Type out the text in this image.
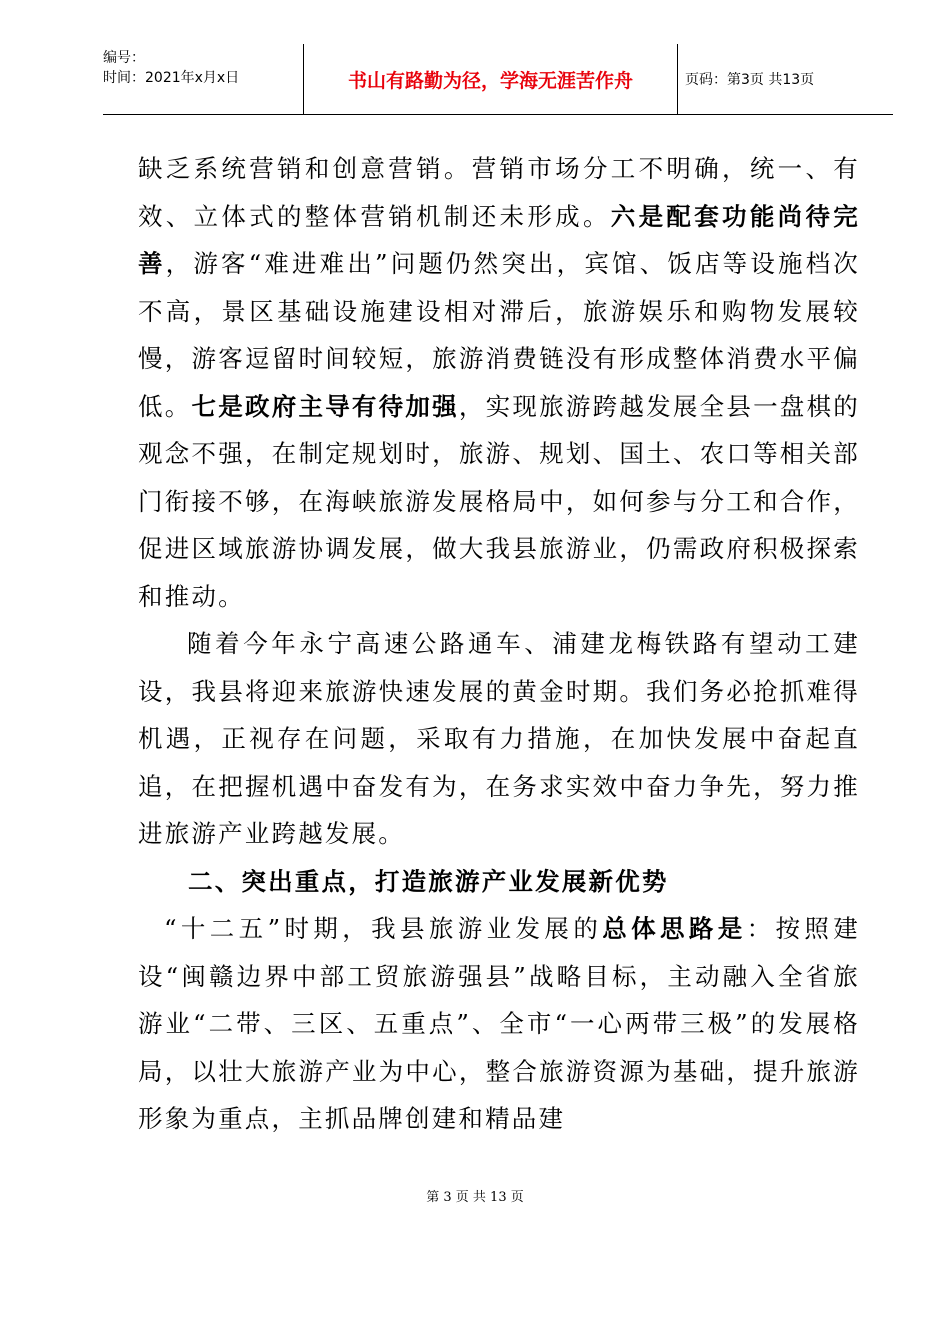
编号：
时间：2021年x月x日	书山有路勤为径，学海无涯苦作舟	页码：第3页 共13页

缺乏系统营销和创意营销。营销市场分工不明确，统一、有效、立体式的整体营销机制还未形成。六是配套功能尚待完善，游客“难进难出”问题仍然突出，宾馆、饭店等设施档次不高，景区基础设施建设相对滞后，旅游娱乐和购物发展较慢，游客逗留时间较短，旅游消费链没有形成整体消费水平偏低。七是政府主导有待加强，实现旅游跨越发展全县一盘棋的观念不强，在制定规划时，旅游、规划、国土、农口等相关部门衔接不够，在海峡旅游发展格局中，如何参与分工和合作，促进区域旅游协调发展，做大我县旅游业，仍需政府积极探索和推动。

随着今年永宁高速公路通车、浦建龙梅铁路有望动工建设，我县将迎来旅游快速发展的黄金时期。我们务必抢抓难得机遇，正视存在问题，采取有力措施，在加快发展中奋起直追，在把握机遇中奋发有为，在务求实效中奋力争先，努力推进旅游产业跨越发展。

二、突出重点，打造旅游产业发展新优势

“十二五”时期，我县旅游业发展的总体思路是：按照建设“闽赣边界中部工贸旅游强县”战略目标，主动融入全省旅游业“二带、三区、五重点”、全市“一心两带三极”的发展格局，以壮大旅游产业为中心，整合旅游资源为基础，提升旅游形象为重点，主抓品牌创建和精品建

第 3 页 共 13 页
